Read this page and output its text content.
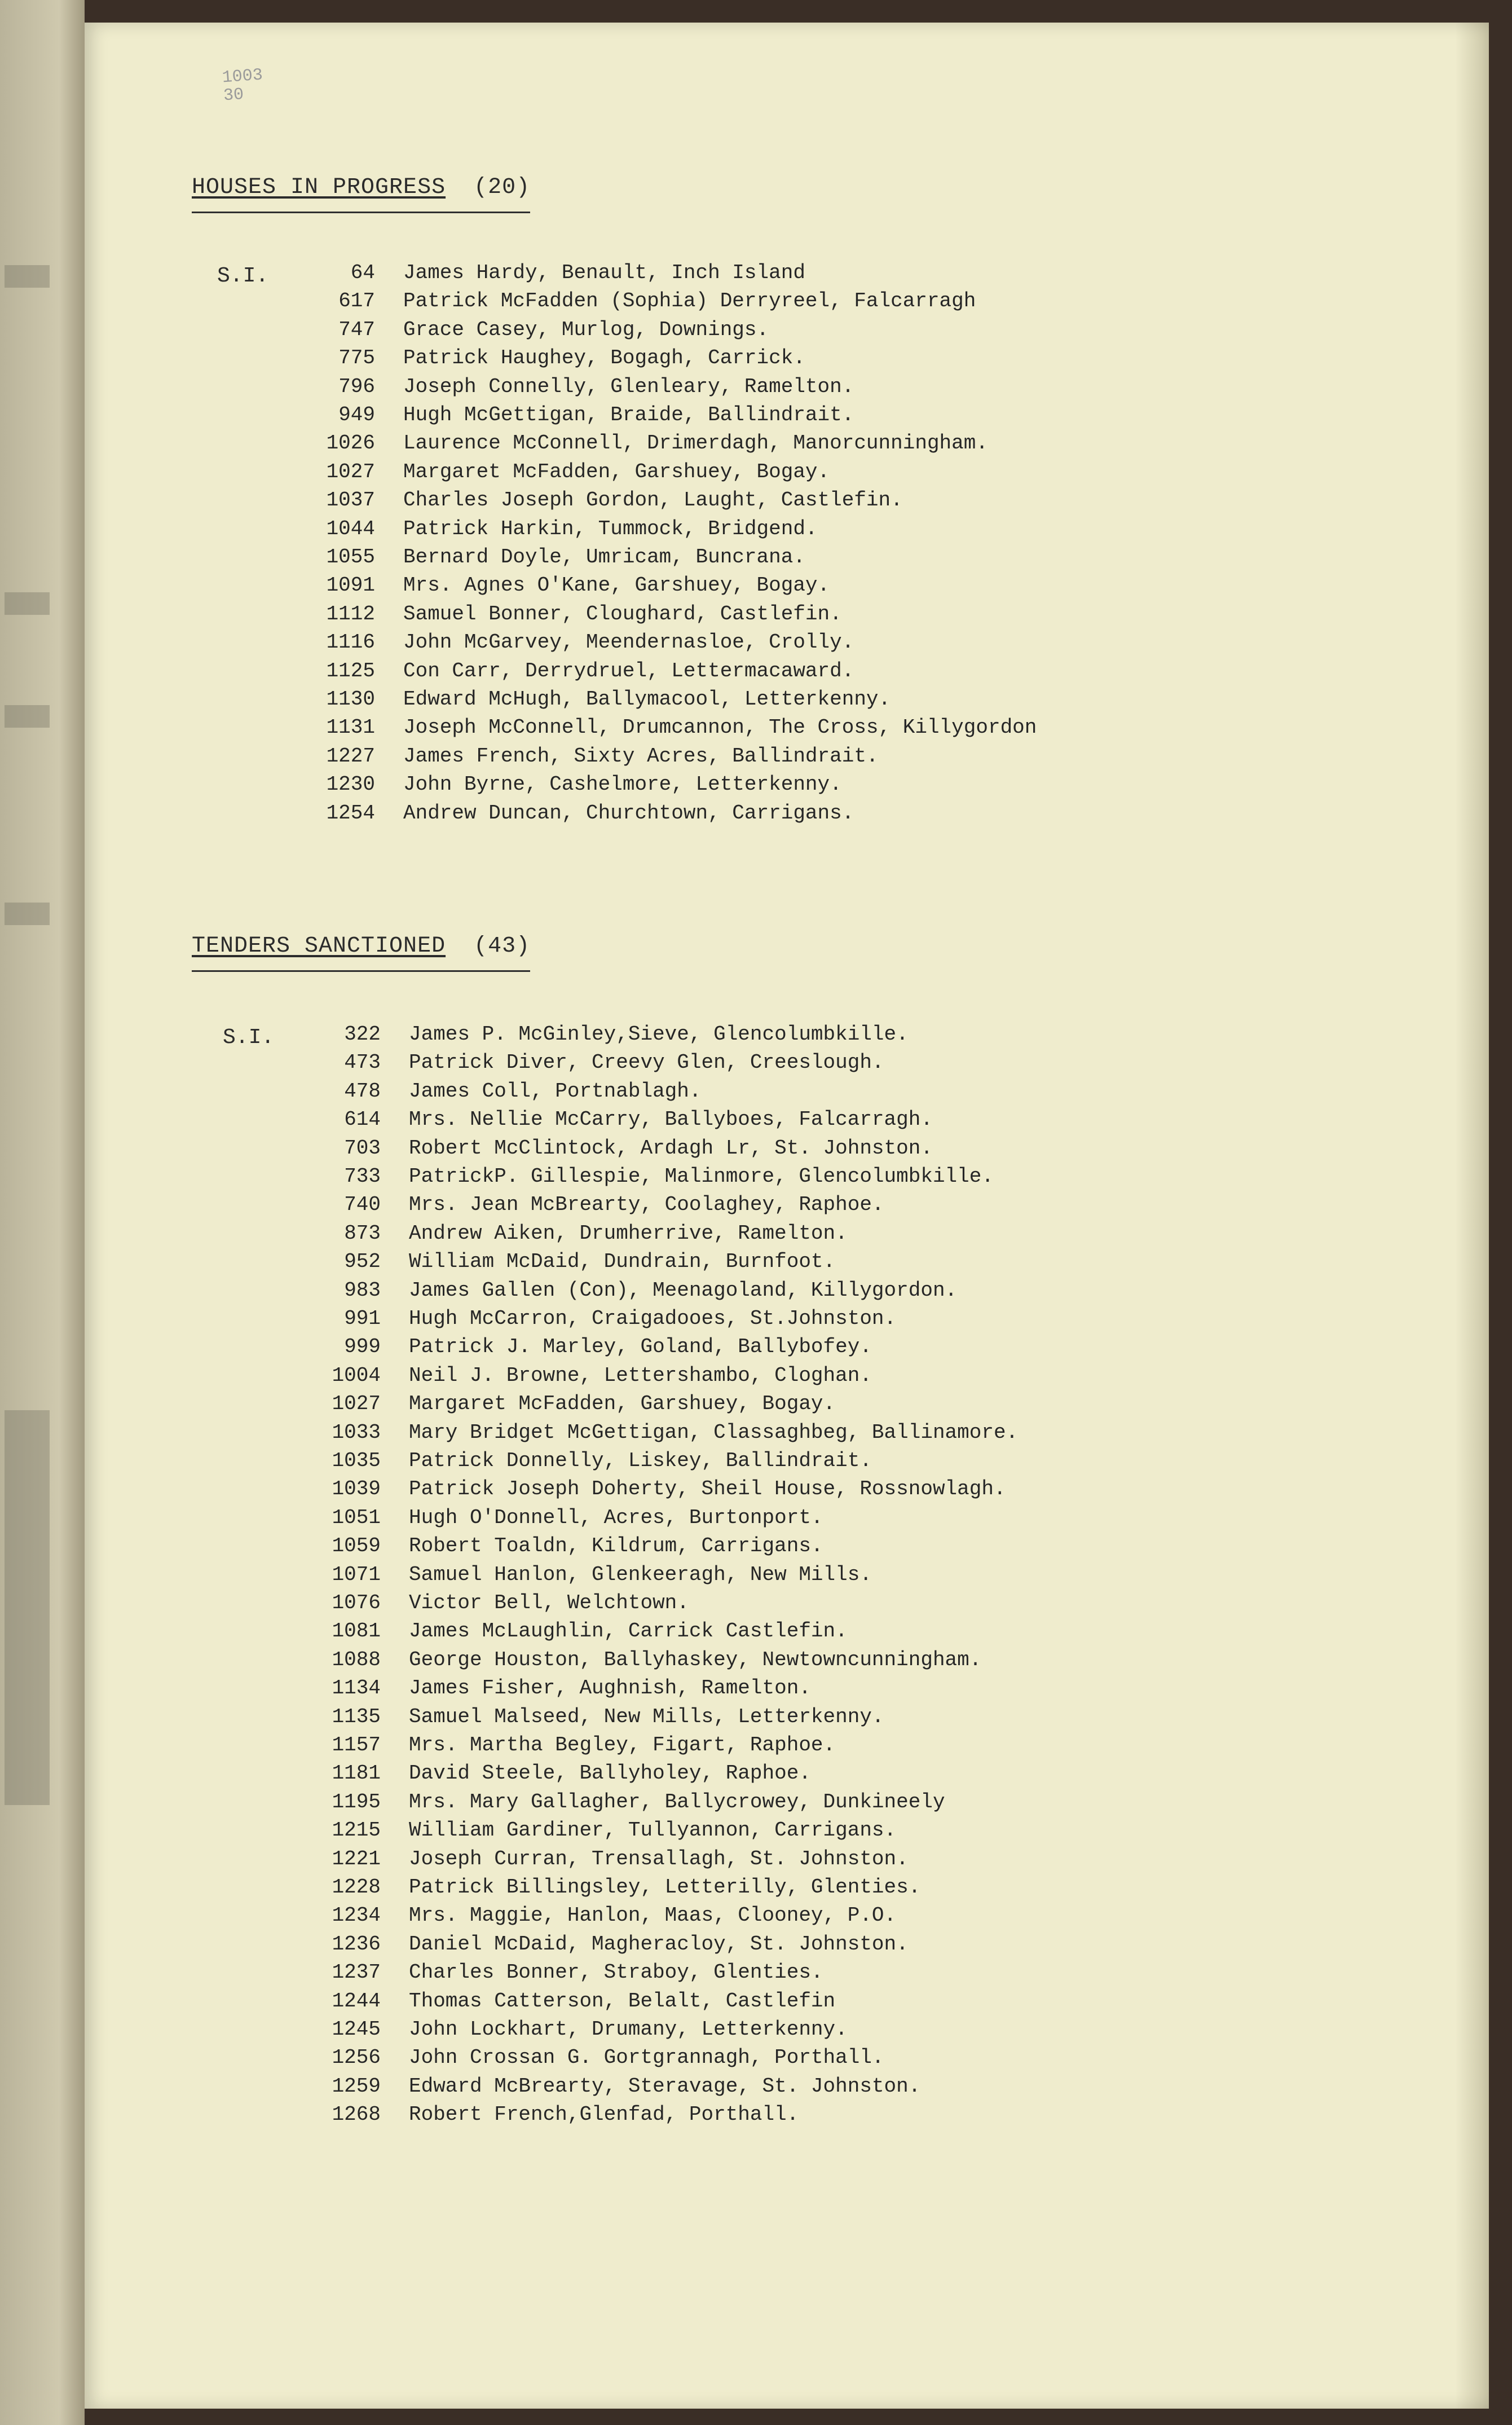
1003
30
HOUSES IN PROGRESS (20)
S.I.	64 James Hardy, Benault, Inch Island
617 Patrick McFadden (Sophia) Derryreel, Falcarragh
747 Grace Casey, Murlog, Downings.
775 Patrick Haughey, Bogagh, Carrick.
796 Joseph Connelly, Glenleary, Ramelton.
949 Hugh McGettigan, Braide, Ballindrait.
1026 Laurence McConnell, Drimerdagh, Manorcunningham.
1027 Margaret McFadden, Garshuey, Bogay.
1037 Charles Joseph Gordon, Laught, Castlefin.
1044 Patrick Harkin, Tummock, Bridgend.
1055 Bernard Doyle, Umricam, Buncrana.
1091 Mrs. Agnes O'Kane, Garshuey, Bogay.
1112 Samuel Bonner, Cloughard, Castlefin.
1116 John McGarvey, Meendernasloe, Crolly.
1125 Con Carr, Derrydruel, Lettermacaward.
1130 Edward McHugh, Ballymacool, Letterkenny.
1131 Joseph McConnell, Drumcannon, The Cross, Killygordon
1227 James French, Sixty Acres, Ballindrait.
1230 John Byrne, Cashelmore, Letterkenny.
1254 Andrew Duncan, Churchtown, Carrigans.
TENDERS SANCTIONED (43)
S.I.	322 James P. McGinley,Sieve, Glencolumbkille.
473 Patrick Diver, Creevy Glen, Creeslough.
478 James Coll, Portnablagh.
614 Mrs. Nellie McCarry, Ballyboes, Falcarragh.
703 Robert McClintock, Ardagh Lr, St. Johnston.
733 PatrickP. Gillespie, Malinmore, Glencolumbkille.
740 Mrs. Jean McBrearty, Coolaghey, Raphoe.
873 Andrew Aiken, Drumherrive, Ramelton.
952 William McDaid, Dundrain, Burnfoot.
983 James Gallen (Con), Meenagoland, Killygordon.
991 Hugh McCarron, Craigadooes, St.Johnston.
999 Patrick J. Marley, Goland, Ballybofey.
1004 Neil J. Browne, Lettershambo, Cloghan.
1027 Margaret McFadden, Garshuey, Bogay.
1033 Mary Bridget McGettigan, Classaghbeg, Ballinamore.
1035 Patrick Donnelly, Liskey, Ballindrait.
1039 Patrick Joseph Doherty, Sheil House, Rossnowlagh.
1051 Hugh O'Donnell, Acres, Burtonport.
1059 Robert Toaldn, Kildrum, Carrigans.
1071 Samuel Hanlon, Glenkeeragh, New Mills.
1076 Victor Bell, Welchtown.
1081 James McLaughlin, Carrick Castlefin.
1088 George Houston, Ballyhaskey, Newtowncunningham.
1134 James Fisher, Aughnish, Ramelton.
1135 Samuel Malseed, New Mills, Letterkenny.
1157 Mrs. Martha Begley, Figart, Raphoe.
1181 David Steele, Ballyholey, Raphoe.
1195 Mrs. Mary Gallagher, Ballycrowey, Dunkineely
1215 William Gardiner, Tullyannon, Carrigans.
1221 Joseph Curran, Trensallagh, St. Johnston.
1228 Patrick Billingsley, Letterilly, Glenties.
1234 Mrs. Maggie, Hanlon, Maas, Clooney, P.O.
1236 Daniel McDaid, Magheracloy, St. Johnston.
1237 Charles Bonner, Straboy, Glenties.
1244 Thomas Catterson, Belalt, Castlefin
1245 John Lockhart, Drumany, Letterkenny.
1256 John Crossan G. Gortgrannagh, Porthall.
1259 Edward McBrearty, Steravage, St. Johnston.
1268 Robert French,Glenfad, Porthall.
